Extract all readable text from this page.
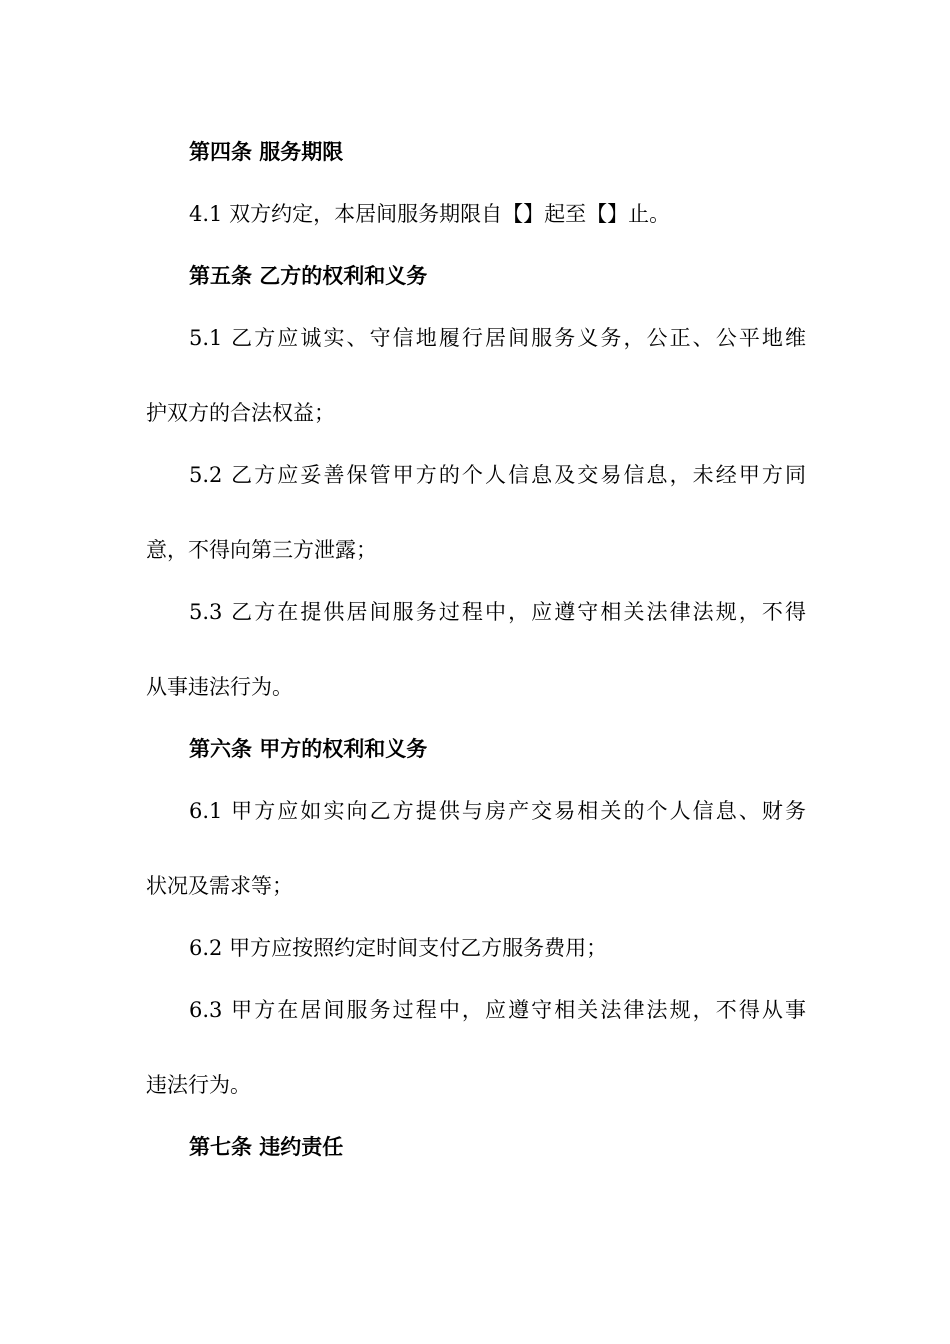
第四条 服务期限

4.1 双方约定，本居间服务期限自【】起至【】止。

第五条 乙方的权利和义务

5.1 乙方应诚实、守信地履行居间服务义务，公正、公平地维

护双方的合法权益；

5.2 乙方应妥善保管甲方的个人信息及交易信息，未经甲方同

意，不得向第三方泄露；

5.3 乙方在提供居间服务过程中，应遵守相关法律法规，不得

从事违法行为。

第六条 甲方的权利和义务

6.1 甲方应如实向乙方提供与房产交易相关的个人信息、财务

状况及需求等；

6.2 甲方应按照约定时间支付乙方服务费用；

6.3 甲方在居间服务过程中，应遵守相关法律法规，不得从事

违法行为。

第七条 违约责任
